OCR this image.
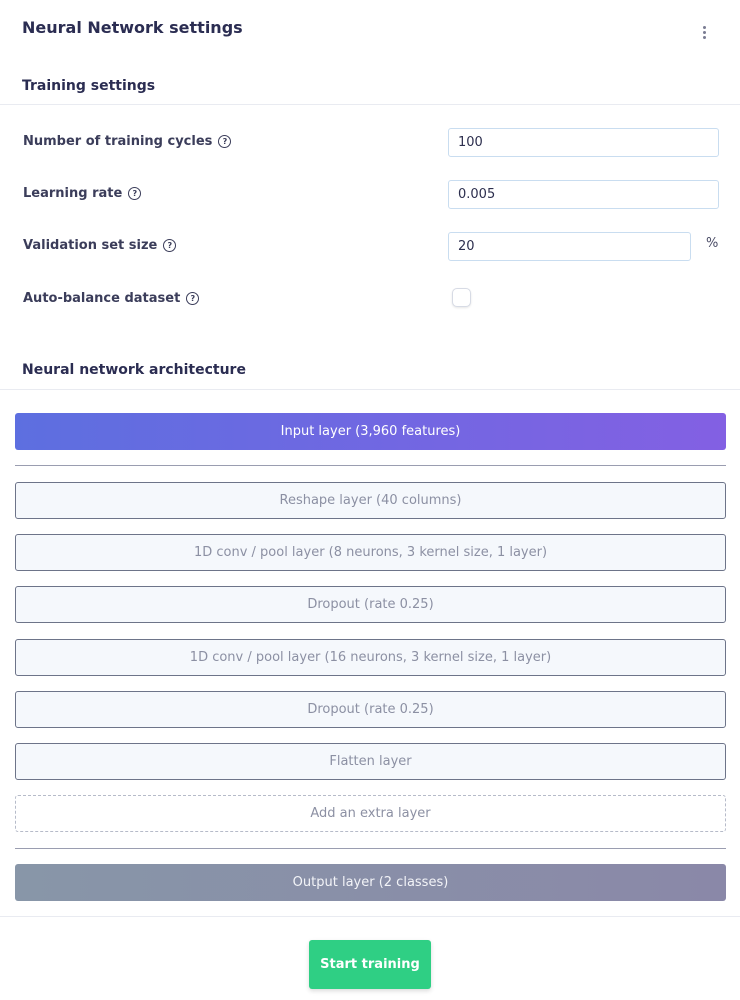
Neural Network settings
Training settings
Number of training cycles	?
100
Learning rate	?
0.005
Validation set size	?
20	%
Auto-balance dataset	?
Neural network architecture
Input layer (3,960 features)
Reshape layer (40 columns)
1D conv / pool layer (8 neurons, 3 kernel size, 1 layer)
Dropout (rate 0.25)
1D conv / pool layer (16 neurons, 3 kernel size, 1 layer)
Dropout (rate 0.25)
Flatten layer
Add an extra layer
Output layer (2 classes)
Start training
